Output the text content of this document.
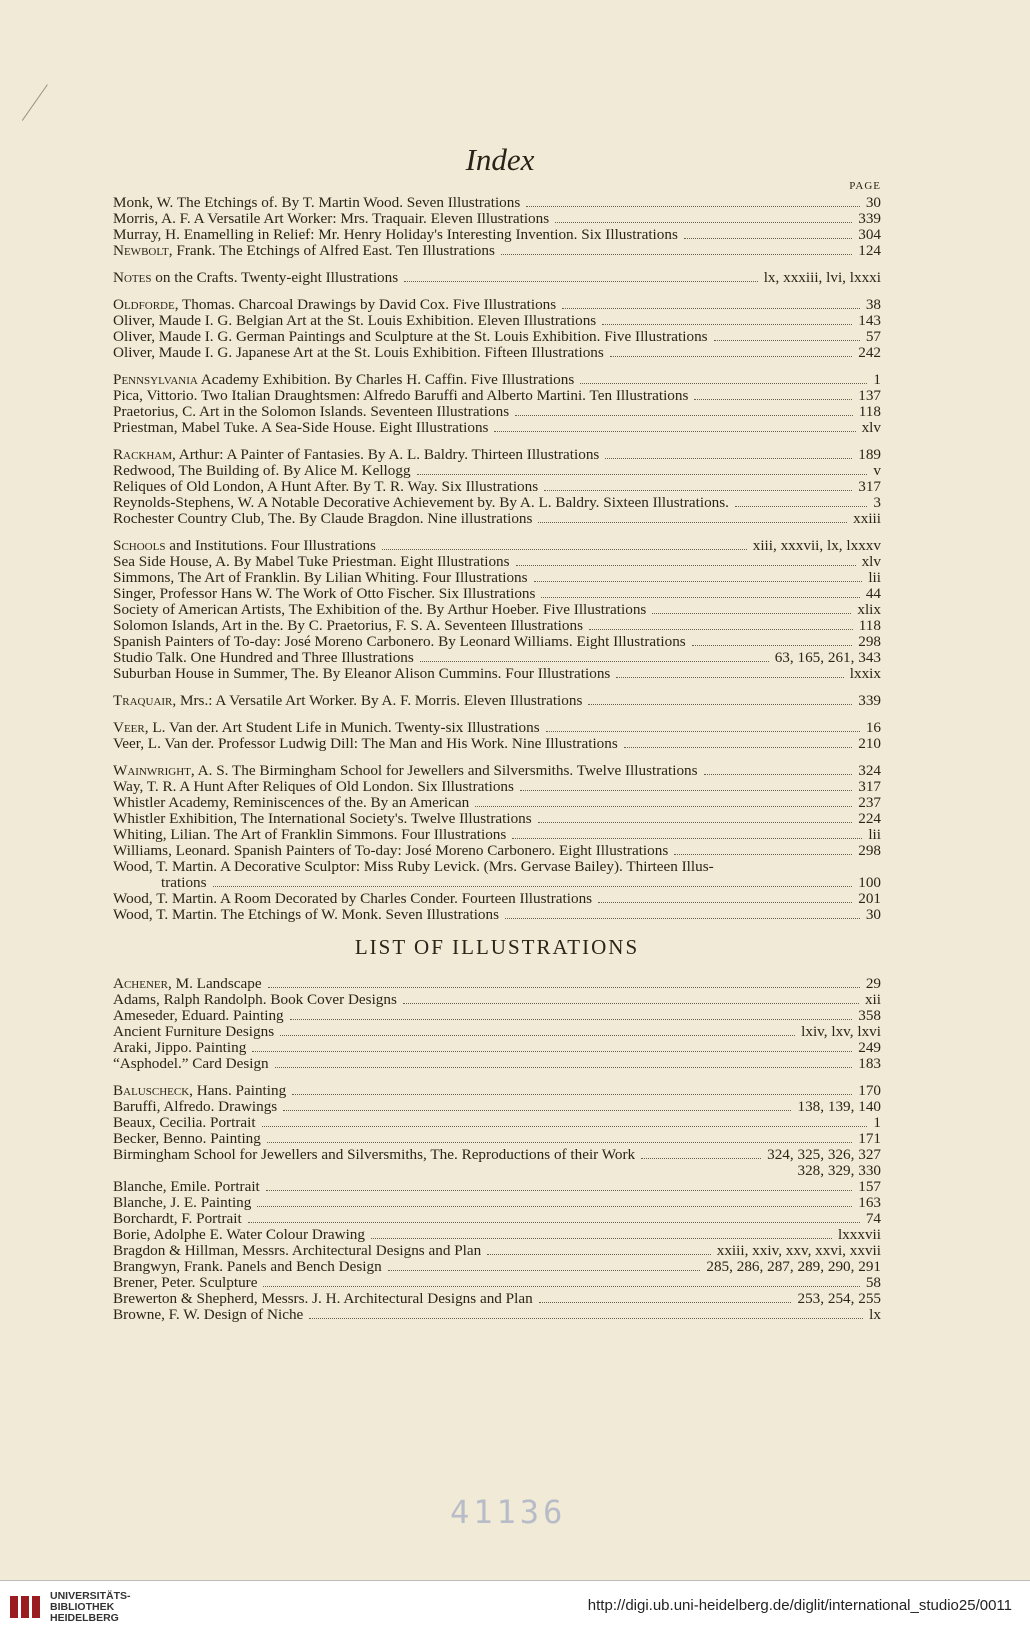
Index
PAGE
Monk, W. The Etchings of. By T. Martin Wood. Seven Illustrations	30
Morris, A. F. A Versatile Art Worker: Mrs. Traquair. Eleven Illustrations	339
Murray, H. Enamelling in Relief: Mr. Henry Holiday's Interesting Invention. Six Illustrations	304
Newbolt, Frank. The Etchings of Alfred East. Ten Illustrations	124
Notes on the Crafts. Twenty-eight Illustrations	lx, xxxiii, lvi, lxxxi
Oldforde, Thomas. Charcoal Drawings by David Cox. Five Illustrations	38
Oliver, Maude I. G. Belgian Art at the St. Louis Exhibition. Eleven Illustrations	143
Oliver, Maude I. G. German Paintings and Sculpture at the St. Louis Exhibition. Five Illustrations	57
Oliver, Maude I. G. Japanese Art at the St. Louis Exhibition. Fifteen Illustrations	242
Pennsylvania Academy Exhibition. By Charles H. Caffin. Five Illustrations	1
Pica, Vittorio. Two Italian Draughtsmen: Alfredo Baruffi and Alberto Martini. Ten Illustrations	137
Praetorius, C. Art in the Solomon Islands. Seventeen Illustrations	118
Priestman, Mabel Tuke. A Sea-Side House. Eight Illustrations	xlv
Rackham, Arthur: A Painter of Fantasies. By A. L. Baldry. Thirteen Illustrations	189
Redwood, The Building of. By Alice M. Kellogg	v
Reliques of Old London, A Hunt After. By T. R. Way. Six Illustrations	317
Reynolds-Stephens, W. A Notable Decorative Achievement by. By A. L. Baldry. Sixteen Illustrations.	3
Rochester Country Club, The. By Claude Bragdon. Nine illustrations	xxiii
Schools and Institutions. Four Illustrations	xiii, xxxvii, lx, lxxxv
Sea Side House, A. By Mabel Tuke Priestman. Eight Illustrations	xlv
Simmons, The Art of Franklin. By Lilian Whiting. Four Illustrations	lii
Singer, Professor Hans W. The Work of Otto Fischer. Six Illustrations	44
Society of American Artists, The Exhibition of the. By Arthur Hoeber. Five Illustrations	xlix
Solomon Islands, Art in the. By C. Praetorius, F. S. A. Seventeen Illustrations	118
Spanish Painters of To-day: José Moreno Carbonero. By Leonard Williams. Eight Illustrations	298
Studio Talk. One Hundred and Three Illustrations	63, 165, 261, 343
Suburban House in Summer, The. By Eleanor Alison Cummins. Four Illustrations	lxxix
Traquair, Mrs.: A Versatile Art Worker. By A. F. Morris. Eleven Illustrations	339
Veer, L. Van der. Art Student Life in Munich. Twenty-six Illustrations	16
Veer, L. Van der. Professor Ludwig Dill: The Man and His Work. Nine Illustrations	210
Wainwright, A. S. The Birmingham School for Jewellers and Silversmiths. Twelve Illustrations	324
Way, T. R. A Hunt After Reliques of Old London. Six Illustrations	317
Whistler Academy, Reminiscences of the. By an American	237
Whistler Exhibition, The International Society's. Twelve Illustrations	224
Whiting, Lilian. The Art of Franklin Simmons. Four Illustrations	lii
Williams, Leonard. Spanish Painters of To-day: José Moreno Carbonero. Eight Illustrations	298
Wood, T. Martin. A Decorative Sculptor: Miss Ruby Levick. (Mrs. Gervase Bailey). Thirteen Illus-
trations	100
Wood, T. Martin. A Room Decorated by Charles Conder. Fourteen Illustrations	201
Wood, T. Martin. The Etchings of W. Monk. Seven Illustrations	30
LIST OF ILLUSTRATIONS
Achener, M. Landscape	29
Adams, Ralph Randolph. Book Cover Designs	xii
Ameseder, Eduard. Painting	358
Ancient Furniture Designs	lxiv, lxv, lxvi
Araki, Jippo. Painting	249
“Asphodel.” Card Design	183
Baluscheck, Hans. Painting	170
Baruffi, Alfredo. Drawings	138, 139, 140
Beaux, Cecilia. Portrait	1
Becker, Benno. Painting	171
Birmingham School for Jewellers and Silversmiths, The. Reproductions of their Work	324, 325, 326, 327
328, 329, 330
Blanche, Emile. Portrait	157
Blanche, J. E. Painting	163
Borchardt, F. Portrait	74
Borie, Adolphe E. Water Colour Drawing	lxxxvii
Bragdon & Hillman, Messrs. Architectural Designs and Plan	xxiii, xxiv, xxv, xxvi, xxvii
Brangwyn, Frank. Panels and Bench Design	285, 286, 287, 289, 290, 291
Brener, Peter. Sculpture	58
Brewerton & Shepherd, Messrs. J. H. Architectural Designs and Plan	253, 254, 255
Browne, F. W. Design of Niche	lx
41136
UNIVERSITÄTS-
BIBLIOTHEK
HEIDELBERG
http://digi.ub.uni-heidelberg.de/diglit/international_studio25/0011
